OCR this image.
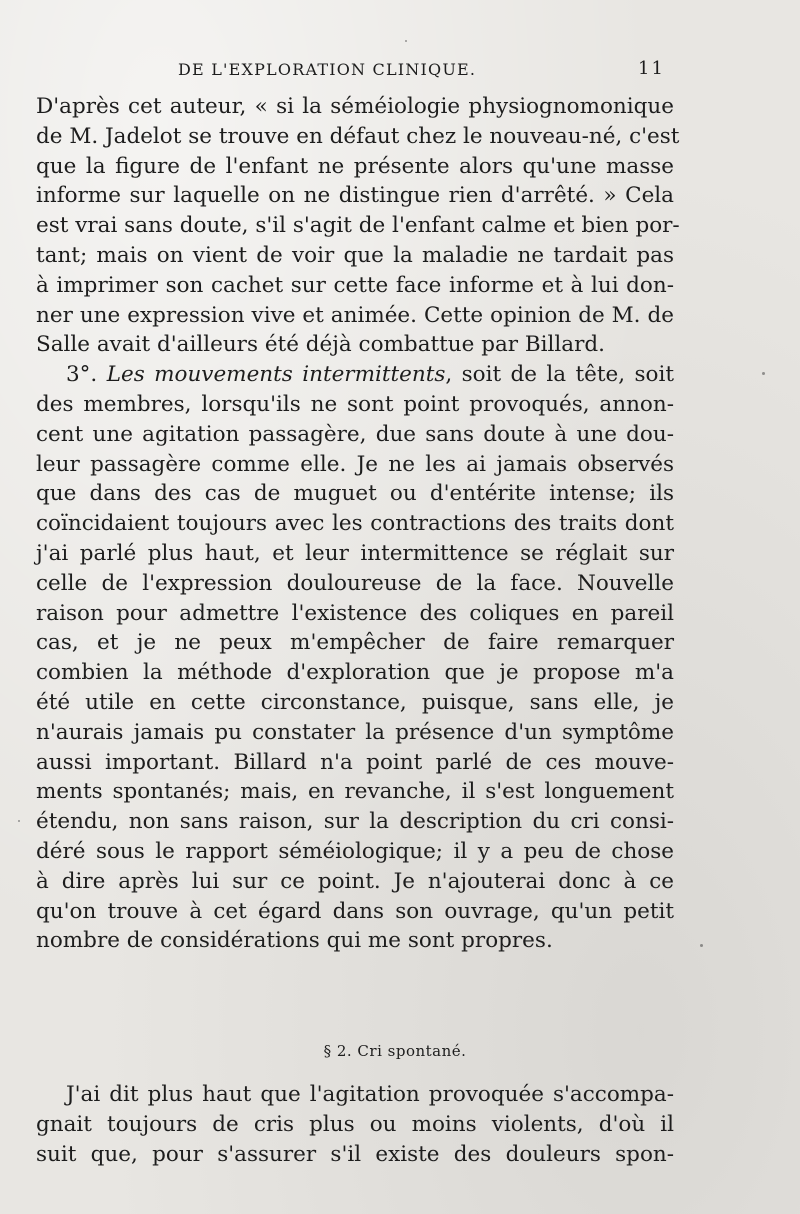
DE L'EXPLORATION CLINIQUE.	11
D'après cet auteur, « si la séméiologie physiognomonique
de M. Jadelot se trouve en défaut chez le nouveau-né, c'est
que la figure de l'enfant ne présente alors qu'une masse
informe sur laquelle on ne distingue rien d'arrêté. » Cela
est vrai sans doute, s'il s'agit de l'enfant calme et bien por-
tant; mais on vient de voir que la maladie ne tardait pas
à imprimer son cachet sur cette face informe et à lui don-
ner une expression vive et animée. Cette opinion de M. de
Salle avait d'ailleurs été déjà combattue par Billard.
3°. Les mouvements intermittents, soit de la tête, soit
des membres, lorsqu'ils ne sont point provoqués, annon-
cent une agitation passagère, due sans doute à une dou-
leur passagère comme elle. Je ne les ai jamais observés
que dans des cas de muguet ou d'entérite intense; ils
coïncidaient toujours avec les contractions des traits dont
j'ai parlé plus haut, et leur intermittence se réglait sur
celle de l'expression douloureuse de la face. Nouvelle
raison pour admettre l'existence des coliques en pareil
cas, et je ne peux m'empêcher de faire remarquer
combien la méthode d'exploration que je propose m'a
été utile en cette circonstance, puisque, sans elle, je
n'aurais jamais pu constater la présence d'un symptôme
aussi important. Billard n'a point parlé de ces mouve-
ments spontanés; mais, en revanche, il s'est longuement
étendu, non sans raison, sur la description du cri consi-
déré sous le rapport séméiologique; il y a peu de chose
à dire après lui sur ce point. Je n'ajouterai donc à ce
qu'on trouve à cet égard dans son ouvrage, qu'un petit
nombre de considérations qui me sont propres.
§ 2. Cri spontané.
J'ai dit plus haut que l'agitation provoquée s'accompa-
gnait toujours de cris plus ou moins violents, d'où il
suit que, pour s'assurer s'il existe des douleurs spon-
